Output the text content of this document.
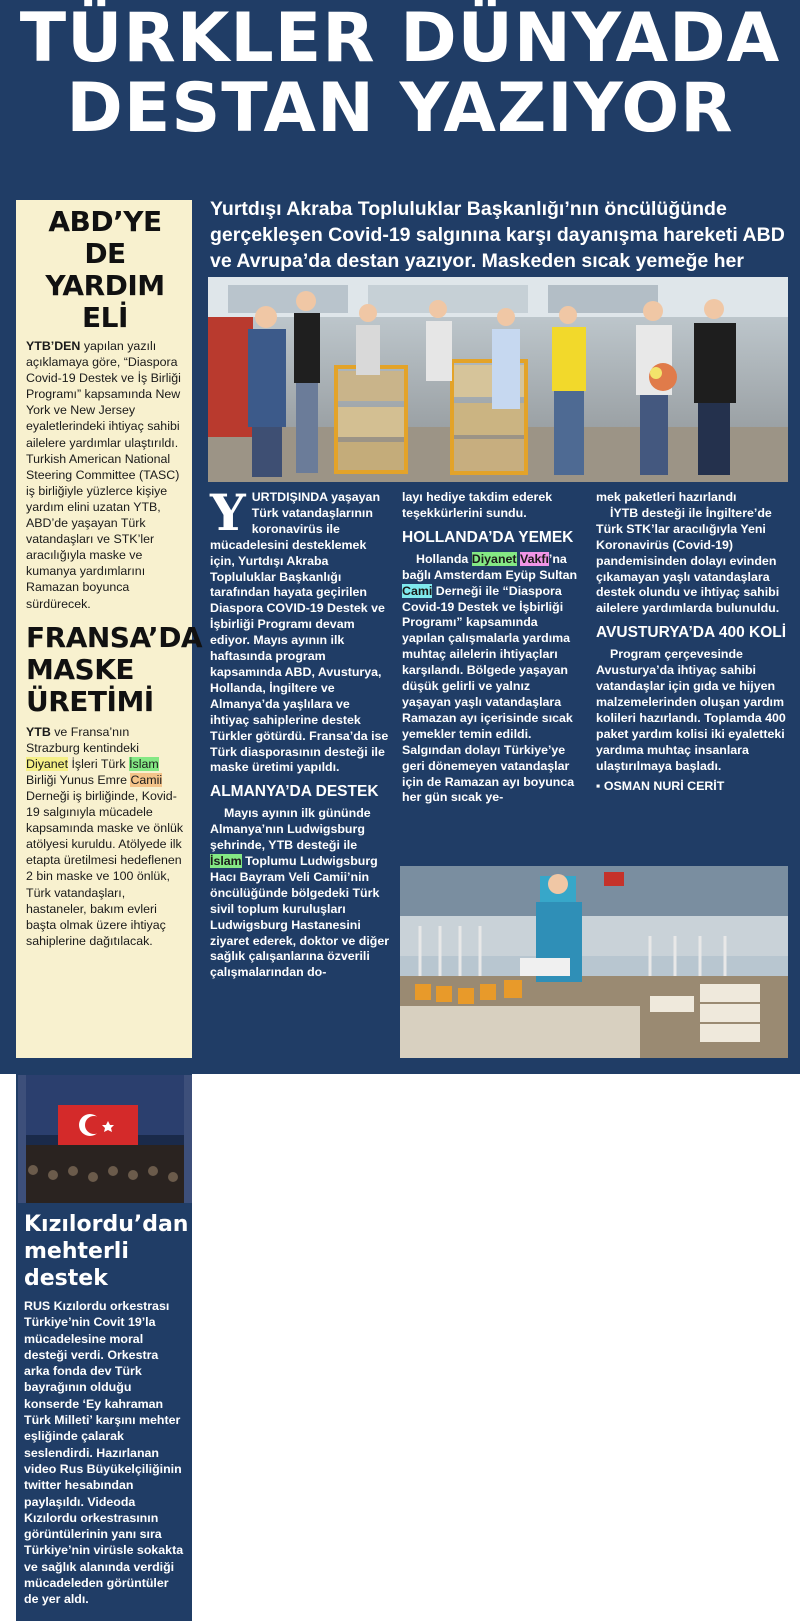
TÜRKLER DÜNYADA
DESTAN YAZIYOR
Yurtdışı Akraba Topluluklar Başkanlığı’nın öncülüğünde gerçekleşen Covid-19 salgınına karşı dayanışma hareketi ABD ve Avrupa’da destan yazıyor. Maskeden sıcak yemeğe her
ABD’YE DE
YARDIM ELİ
YTB’DEN yapılan yazılı açıklamaya göre, “Diaspora Covid-19 Destek ve İş Birliği Programı” kapsamında New York ve New Jersey eyaletlerindeki ihtiyaç sahibi ailelere yardımlar ulaştırıldı. Turkish American National Steering Committee (TASC) iş birliğiyle yüzlerce kişiye yardım elini uzatan YTB, ABD’de yaşayan Türk vatandaşları ve STK’ler aracılığıyla maske ve kumanya yardımlarını Ramazan boyunca sürdürecek.
FRANSA’DA
MASKE
ÜRETİMİ
YTB ve Fransa’nın Strazburg kentindeki Diyanet İşleri Türk İslam Birliği Yunus Emre Camii Derneği iş birliğinde, Kovid-19 salgınıyla mücadele kapsamında maske ve önlük atölyesi kuruldu. Atölyede ilk etapta üretilmesi hedeflenen 2 bin maske ve 100 önlük, Türk vatandaşları, hastaneler, bakım evleri başta olmak üzere ihtiyaç sahiplerine dağıtılacak.

YURTDIŞINDA yaşayan Türk vatandaşlarının koronavirüs ile mücadelesini desteklemek için, Yurtdışı Akraba Topluluklar Başkanlığı tarafından hayata geçirilen Diaspora COVID-19 Destek ve İşbirliği Programı devam ediyor. Mayıs ayının ilk haftasında program kapsamında ABD, Avusturya, Hollanda, İngiltere ve Almanya’da yaşlılara ve ihtiyaç sahiplerine destek Türkler götürdü. Fransa’da ise Türk diasporasının desteği ile maske üretimi yapıldı.

ALMANYA’DA DESTEK

Mayıs ayının ilk gününde Almanya’nın Ludwigsburg şehrinde, YTB desteği ile İslam Toplumu Ludwigsburg Hacı Bayram Veli Camii’nin öncülüğünde bölgedeki Türk sivil toplum kuruluşları Ludwigsburg Hastanesini ziyaret ederek, doktor ve diğer sağlık çalışanlarına özverili çalışmalarından do-

layı hediye takdim ederek teşekkürlerini sundu.

HOLLANDA’DA YEMEK

Hollanda Diyanet Vakfı’na bağlı Amsterdam Eyüp Sultan Cami Derneği ile “Diaspora Covid-19 Destek ve İşbirliği Programı” kapsamında yapılan çalışmalarla yardıma muhtaç ailelerin ihtiyaçları karşılandı. Bölgede yaşayan düşük gelirli ve yalnız yaşayan yaşlı vatandaşlara Ramazan ayı içerisinde sıcak yemekler temin edildi. Salgından dolayı Türkiye’ye geri dönemeyen vatandaşlar için de Ramazan ayı boyunca her gün sıcak ye-

mek paketleri hazırlandı

İYTB desteği ile İngiltere’de Türk STK’lar aracılığıyla Yeni Koronavirüs (Covid-19) pandemisinden dolayı evinden çıkamayan yaşlı vatandaşlara destek olundu ve ihtiyaç sahibi ailelere yardımlarda bulunuldu.

AVUSTURYA’DA 400 KOLİ

Program çerçevesinde Avusturya’da ihtiyaç sahibi vatandaşlar için gıda ve hijyen malzemelerinden oluşan yardım kolileri hazırlandı. Toplamda 400 paket yardım kolisi iki eyaletteki yardıma muhtaç insanlara ulaştırılmaya başladı.

▪ OSMAN NURİ CERİT

Kızılordu’dan
mehterli destek
RUS Kızılordu orkestrası Türkiye’nin Covit 19’la mücadelesine moral desteği verdi. Orkestra arka fonda dev Türk bayrağının olduğu konserde ‘Ey kahraman Türk Milleti’ karşını mehter eşliğinde çalarak seslendirdi. Hazırlanan video Rus Büyükelçiliğinin twitter hesabından paylaşıldı. Videoda Kızılordu orkestrasının görüntülerinin yanı sıra Türkiye’nin virüsle sokakta ve sağlık alanında verdiği mücadeleden görüntüler de yer aldı.
